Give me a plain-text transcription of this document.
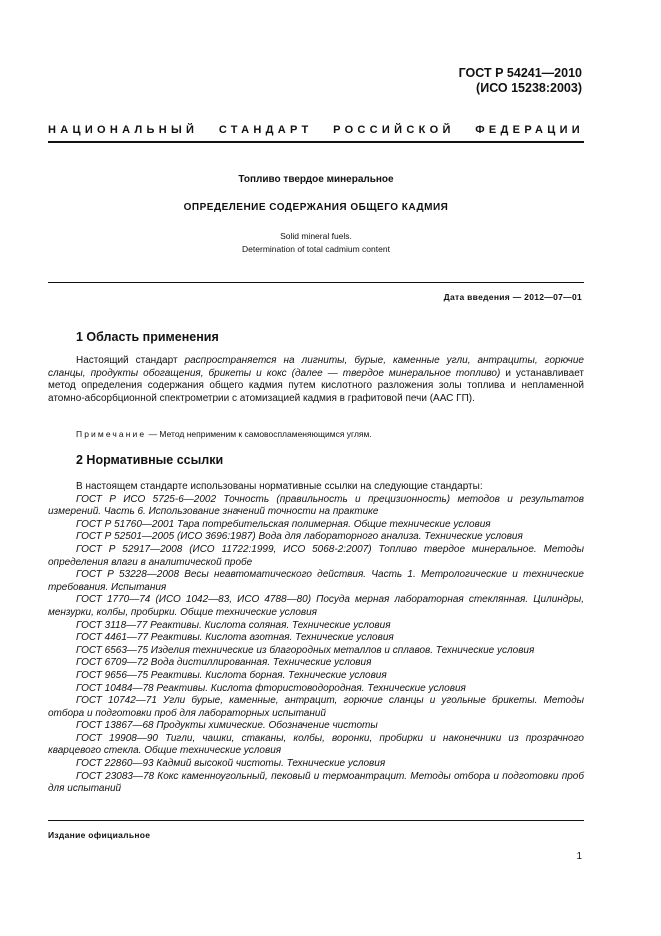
ГОСТ Р 54241—2010
(ИСО 15238:2003)
НАЦИОНАЛЬНЫЙ СТАНДАРТ РОССИЙСКОЙ ФЕДЕРАЦИИ
Топливо твердое минеральное
ОПРЕДЕЛЕНИЕ СОДЕРЖАНИЯ ОБЩЕГО КАДМИЯ
Solid mineral fuels.
Determination of total cadmium content
Дата введения — 2012—07—01
1 Область применения

Настоящий стандарт распространяется на лигниты, бурые, каменные угли, антрациты, горючие сланцы, продукты обогащения, брикеты и кокс (далее — твердое минеральное топливо) и устанавливает метод определения содержания общего кадмия путем кислотного разложения золы топлива и непламенной атомно-абсорбционной спектрометрии с атомизацией кадмия в графитовой печи (ААС ГП).

Примечание — Метод неприменим к самовоспламеняющимся углям.
2 Нормативные ссылки

В настоящем стандарте использованы нормативные ссылки на следующие стандарты:

ГОСТ Р ИСО 5725-6—2002 Точность (правильность и прецизионность) методов и результатов измерений. Часть 6. Использование значений точности на практике

ГОСТ Р 51760—2001 Тара потребительская полимерная. Общие технические условия

ГОСТ Р 52501—2005 (ИСО 3696:1987) Вода для лабораторного анализа. Технические условия

ГОСТ Р 52917—2008 (ИСО 11722:1999, ИСО 5068-2:2007) Топливо твердое минеральное. Методы определения влаги в аналитической пробе

ГОСТ Р 53228—2008 Весы неавтоматического действия. Часть 1. Метрологические и технические требования. Испытания

ГОСТ 1770—74 (ИСО 1042—83, ИСО 4788—80) Посуда мерная лабораторная стеклянная. Цилиндры, мензурки, колбы, пробирки. Общие технические условия

ГОСТ 3118—77 Реактивы. Кислота соляная. Технические условия

ГОСТ 4461—77 Реактивы. Кислота азотная. Технические условия

ГОСТ 6563—75 Изделия технические из благородных металлов и сплавов. Технические условия

ГОСТ 6709—72 Вода дистиллированная. Технические условия

ГОСТ 9656—75 Реактивы. Кислота борная. Технические условия

ГОСТ 10484—78 Реактивы. Кислота фтористоводородная. Технические условия

ГОСТ 10742—71 Угли бурые, каменные, антрацит, горючие сланцы и угольные брикеты. Методы отбора и подготовки проб для лабораторных испытаний

ГОСТ 13867—68 Продукты химические. Обозначение чистоты

ГОСТ 19908—90 Тигли, чашки, стаканы, колбы, воронки, пробирки и наконечники из прозрачного кварцевого стекла. Общие технические условия

ГОСТ 22860—93 Кадмий высокой чистоты. Технические условия

ГОСТ 23083—78 Кокс каменноугольный, пековый и термоантрацит. Методы отбора и подготовки проб для испытаний

Издание официальное
1
